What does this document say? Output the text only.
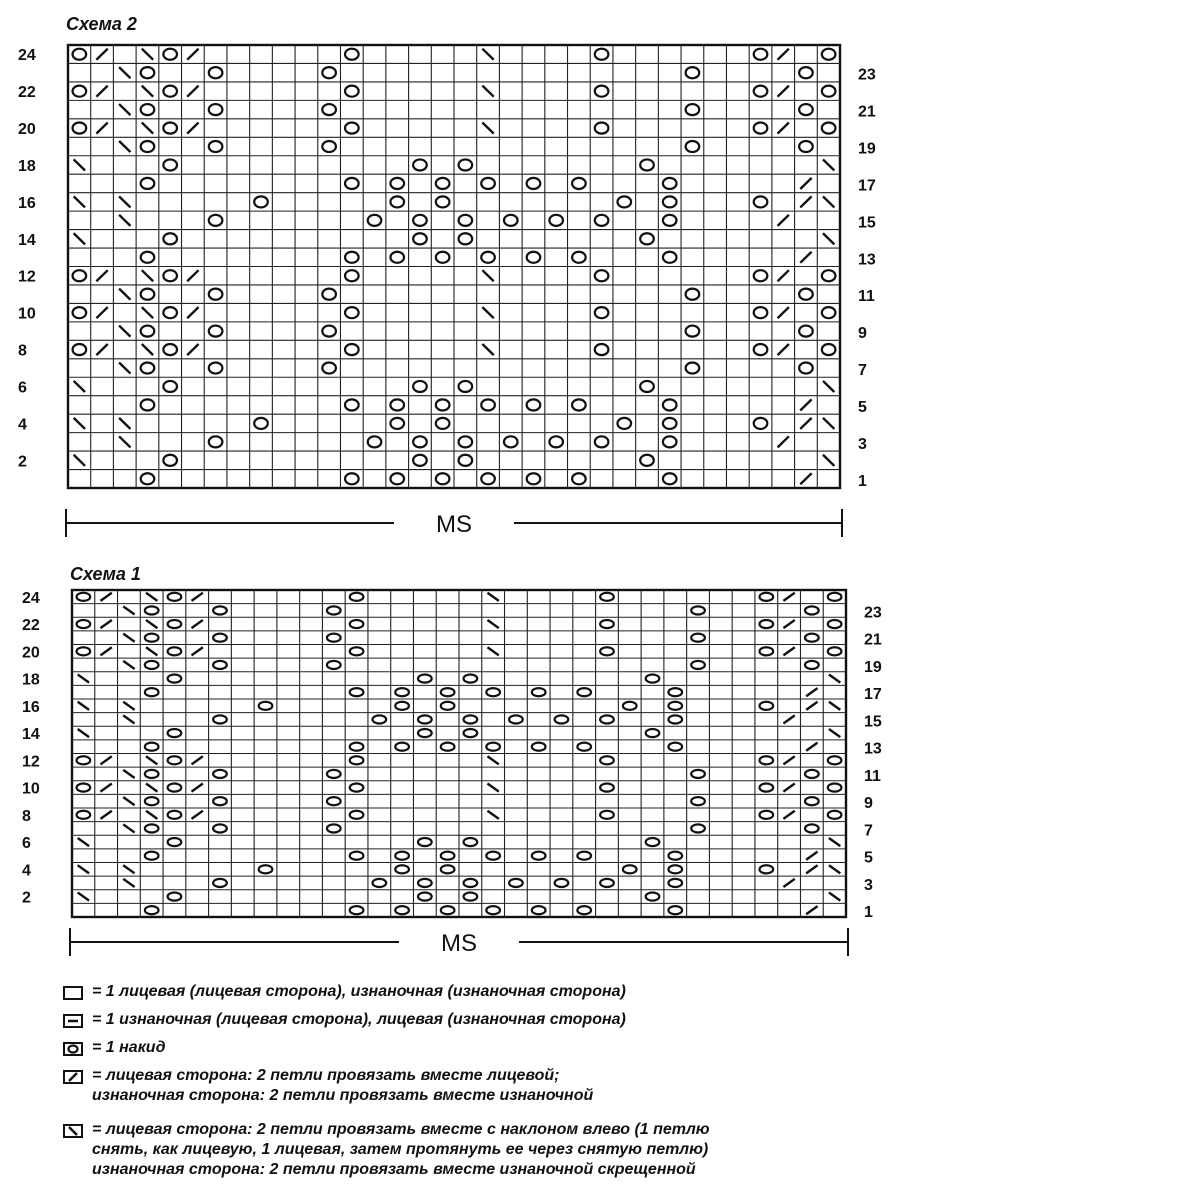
Схема 2
Схема 1
24
22
20
18
16
14
12
10
8
6
4
2
23
21
19
17
15
13
11
9
7
5
3
1
MS
24
22
20
18
16
14
12
10
8
6
4
2
23
21
19
17
15
13
11
9
7
5
3
1
MS
= 1 лицевая (лицевая сторона), изнаночная (изнаночная сторона)
= 1 изнаночная (лицевая сторона), лицевая (изнаночная сторона)
= 1 накид
= лицевая сторона: 2 петли провязать вместе лицевой;
изнаночная сторона: 2 петли провязать вместе изнаночной
= лицевая сторона: 2 петли провязать вместе с наклоном влево (1 петлю
снять, как лицевую, 1 лицевая, затем протянуть ее через снятую петлю)
изнаночная сторона: 2 петли провязать вместе изнаночной скрещенной
